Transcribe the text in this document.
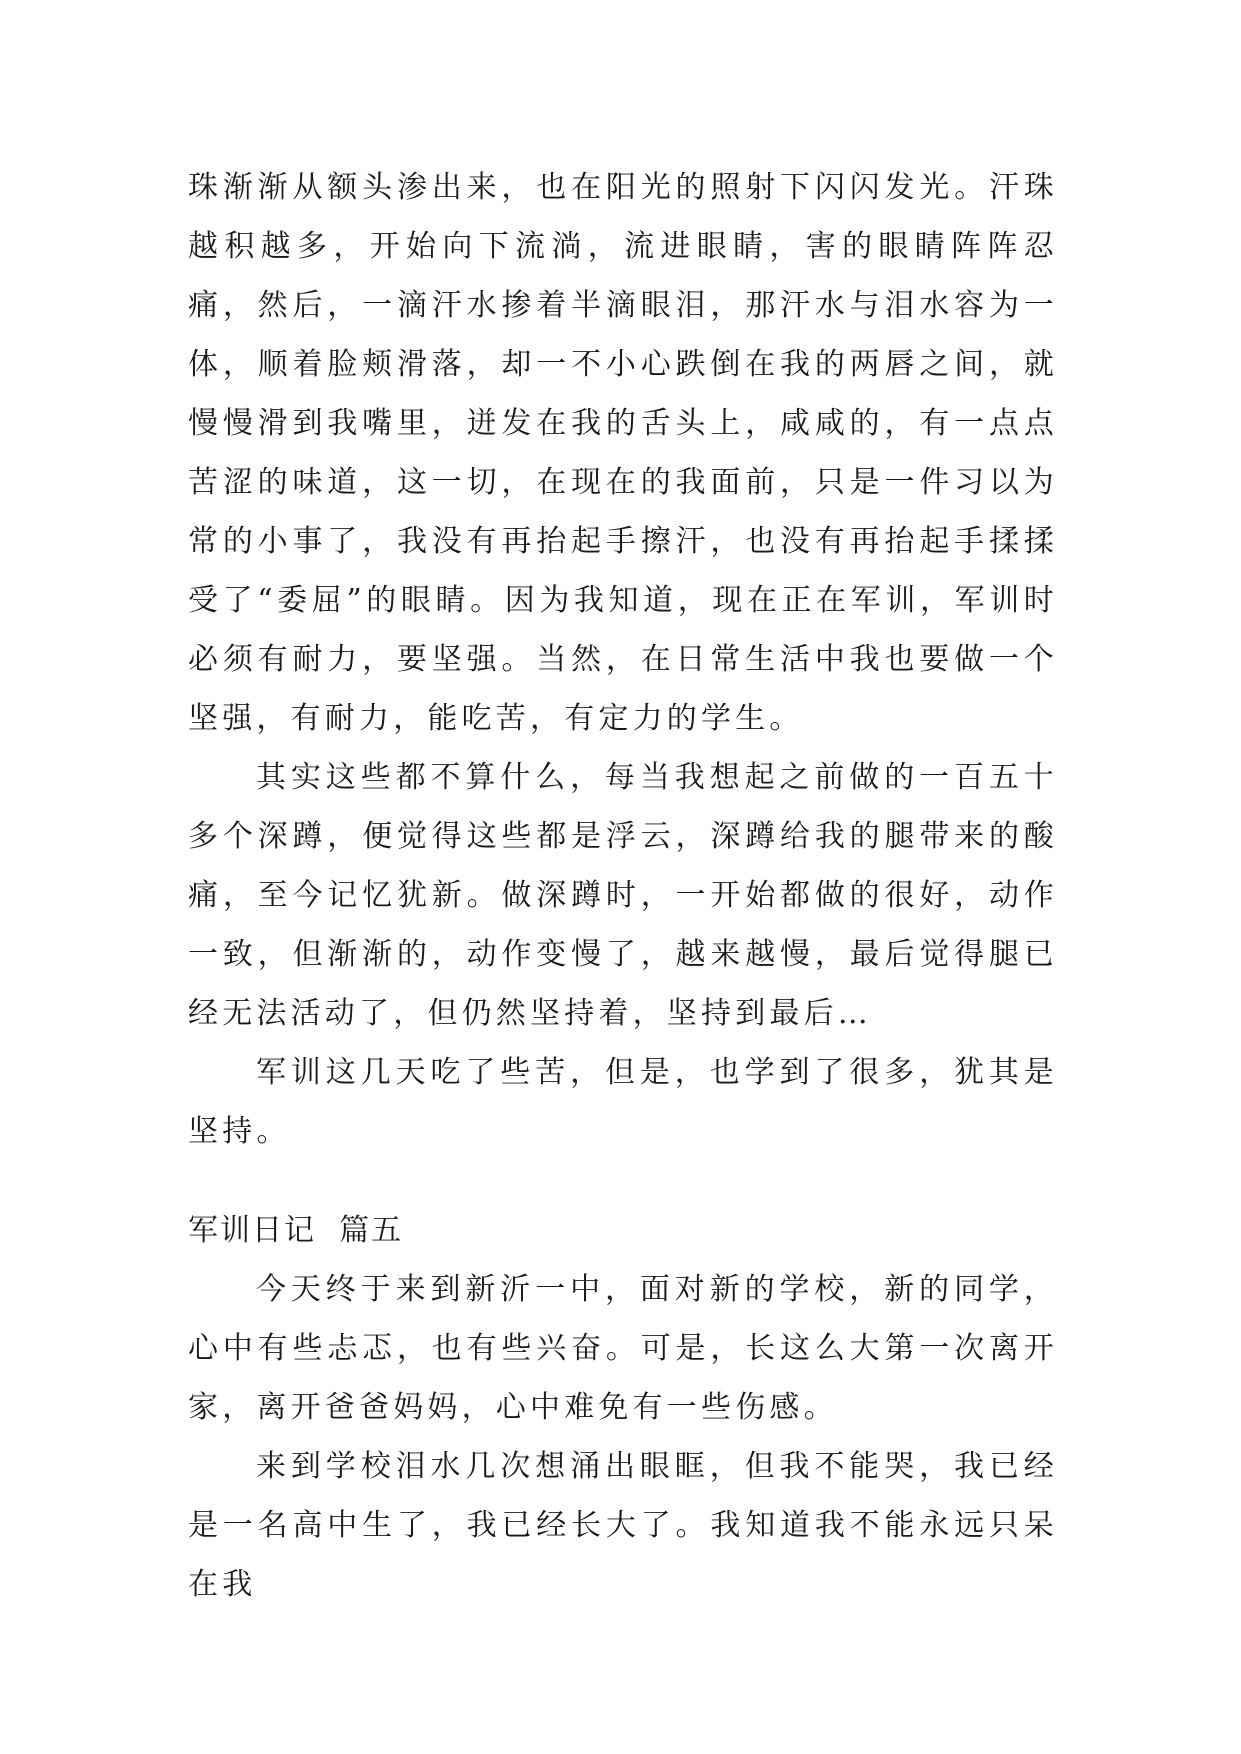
珠渐渐从额头渗出来，也在阳光的照射下闪闪发光。汗珠越积越多，开始向下流淌，流进眼睛，害的眼睛阵阵忍痛，然后，一滴汗水掺着半滴眼泪，那汗水与泪水容为一体，顺着脸颊滑落，却一不小心跌倒在我的两唇之间，就慢慢滑到我嘴里，迸发在我的舌头上，咸咸的，有一点点苦涩的味道，这一切，在现在的我面前，只是一件习以为常的小事了，我没有再抬起手擦汗，也没有再抬起手揉揉受了“委屈”的眼睛。因为我知道，现在正在军训，军训时必须有耐力，要坚强。当然，在日常生活中我也要做一个坚强，有耐力，能吃苦，有定力的学生。

其实这些都不算什么，每当我想起之前做的一百五十多个深蹲，便觉得这些都是浮云，深蹲给我的腿带来的酸痛，至今记忆犹新。做深蹲时，一开始都做的很好，动作一致，但渐渐的，动作变慢了，越来越慢，最后觉得腿已经无法活动了，但仍然坚持着，坚持到最后…

军训这几天吃了些苦，但是，也学到了很多，犹其是坚持。

军训日记  篇五

今天终于来到新沂一中，面对新的学校，新的同学，心中有些忐忑，也有些兴奋。可是，长这么大第一次离开家，离开爸爸妈妈，心中难免有一些伤感。

来到学校泪水几次想涌出眼眶，但我不能哭，我已经是一名高中生了，我已经长大了。我知道我不能永远只呆在我
